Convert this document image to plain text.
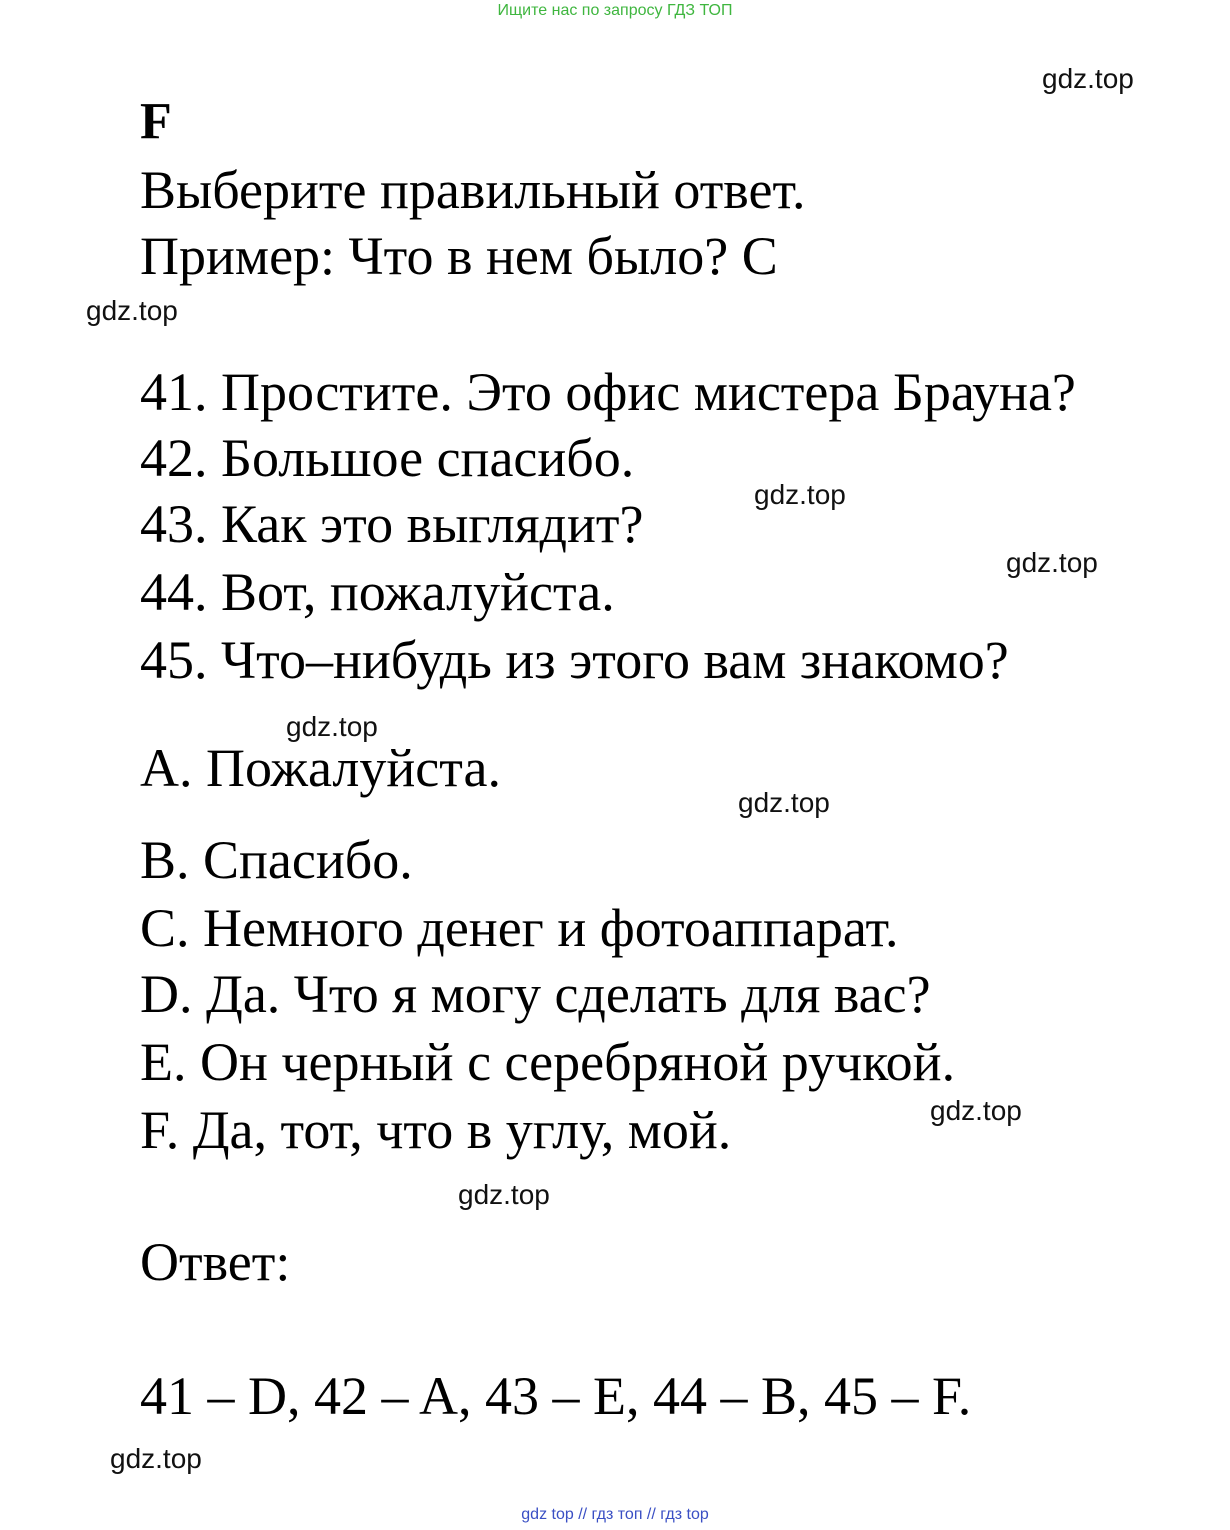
Ищите нас по запросу ГДЗ ТОП
gdz.top
F
Выберите правильный ответ.
Пример: Что в нем было? С
gdz.top
41. Простите. Это офис мистера Брауна?
42. Большое спасибо.
gdz.top
43. Как это выглядит?
gdz.top
44. Вот, пожалуйста.
45. Что–нибудь из этого вам знакомо?
gdz.top
A. Пожалуйста.
gdz.top
B. Спасибо.
C. Немного денег и фотоаппарат.
D. Да. Что я могу сделать для вас?
E. Он черный с серебряной ручкой.
gdz.top
F. Да, тот, что в углу, мой.
gdz.top
Ответ:
41 – D, 42 – A, 43 – E, 44 – B, 45 – F.
gdz.top
gdz top // гдз топ // гдз top
